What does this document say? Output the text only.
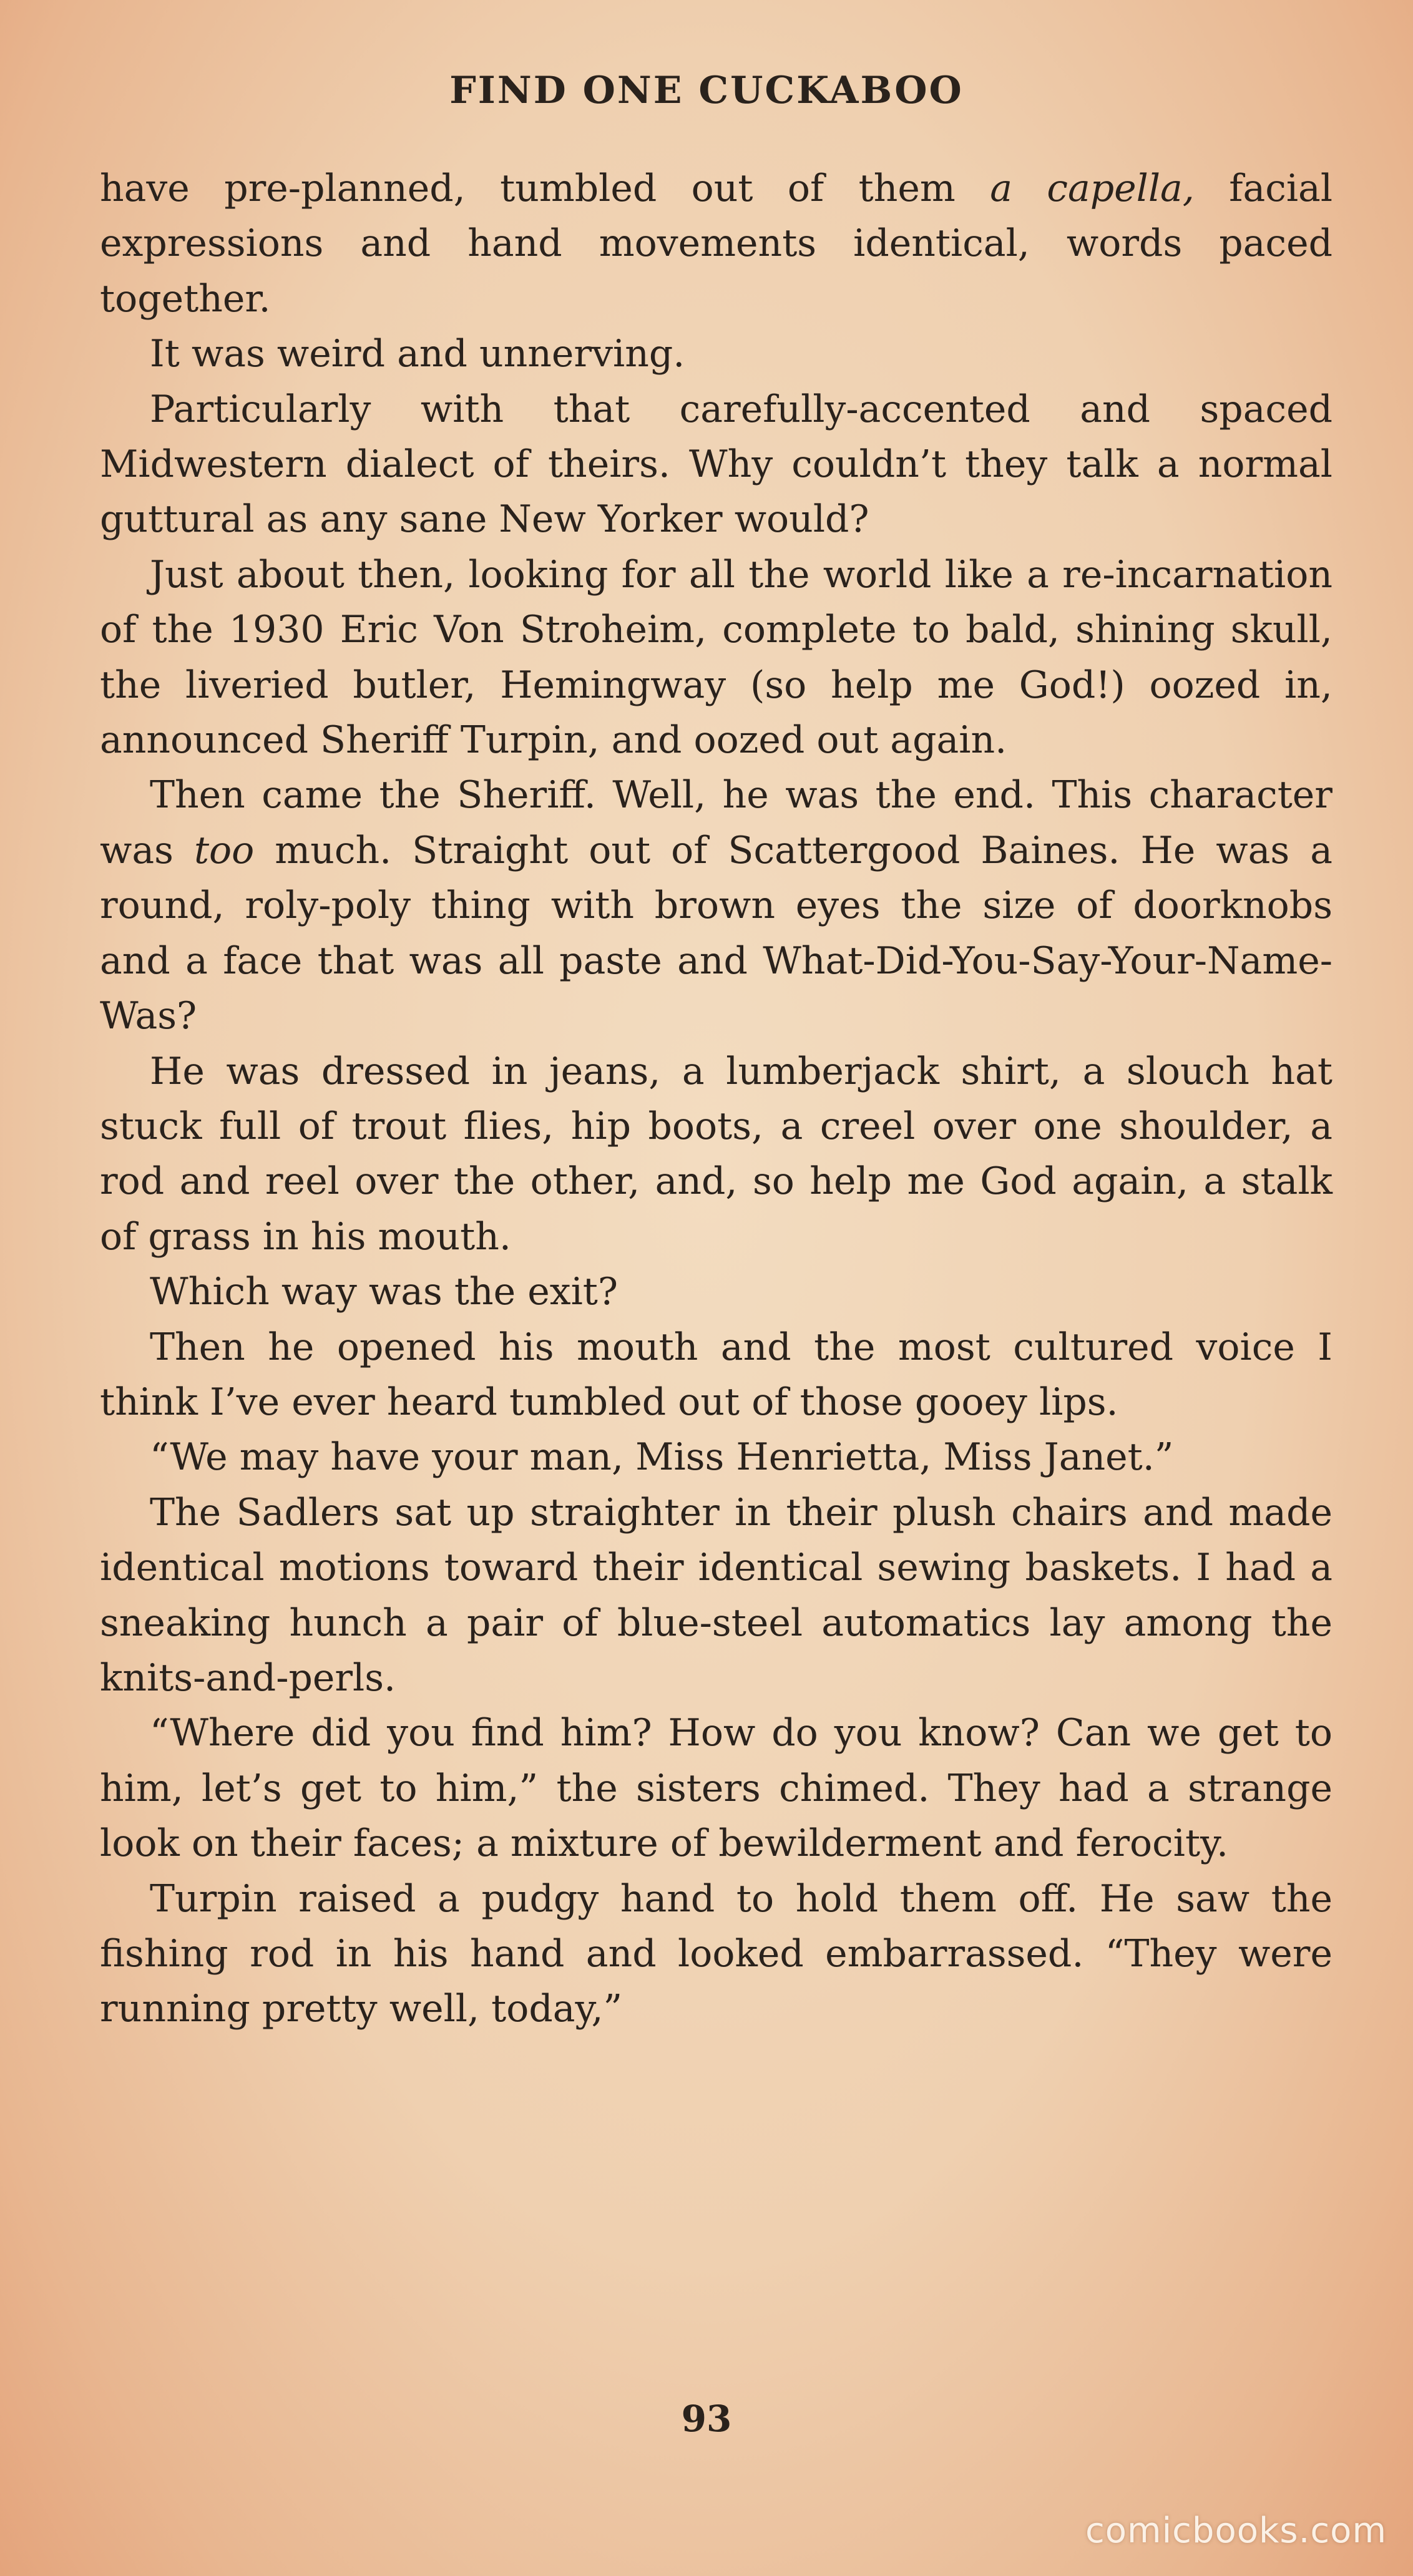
FIND ONE CUCKABOO

have pre-planned, tumbled out of them a capella, facial expressions and hand movements identical, words paced together.

It was weird and unnerving.

Particularly with that carefully-accented and spaced Midwestern dialect of theirs. Why couldn’t they talk a normal guttural as any sane New Yorker would?

Just about then, looking for all the world like a re-incarnation of the 1930 Eric Von Stroheim, complete to bald, shining skull, the liveried butler, Hemingway (so help me God!) oozed in, announced Sheriff Turpin, and oozed out again.

Then came the Sheriff. Well, he was the end. This character was too much. Straight out of Scattergood Baines. He was a round, roly-poly thing with brown eyes the size of doorknobs and a face that was all paste and What-Did-You-Say-Your-Name-Was?

He was dressed in jeans, a lumberjack shirt, a slouch hat stuck full of trout flies, hip boots, a creel over one shoulder, a rod and reel over the other, and, so help me God again, a stalk of grass in his mouth.

Which way was the exit?

Then he opened his mouth and the most cultured voice I think I’ve ever heard tumbled out of those gooey lips.

“We may have your man, Miss Henrietta, Miss Janet.”

The Sadlers sat up straighter in their plush chairs and made identical motions toward their identical sewing baskets. I had a sneaking hunch a pair of blue-steel automatics lay among the knits-and-perls.

“Where did you find him? How do you know? Can we get to him, let’s get to him,” the sisters chimed. They had a strange look on their faces; a mixture of bewilderment and ferocity.

Turpin raised a pudgy hand to hold them off. He saw the fishing rod in his hand and looked embarrassed. “They were running pretty well, today,”

93
comicbooks.com
